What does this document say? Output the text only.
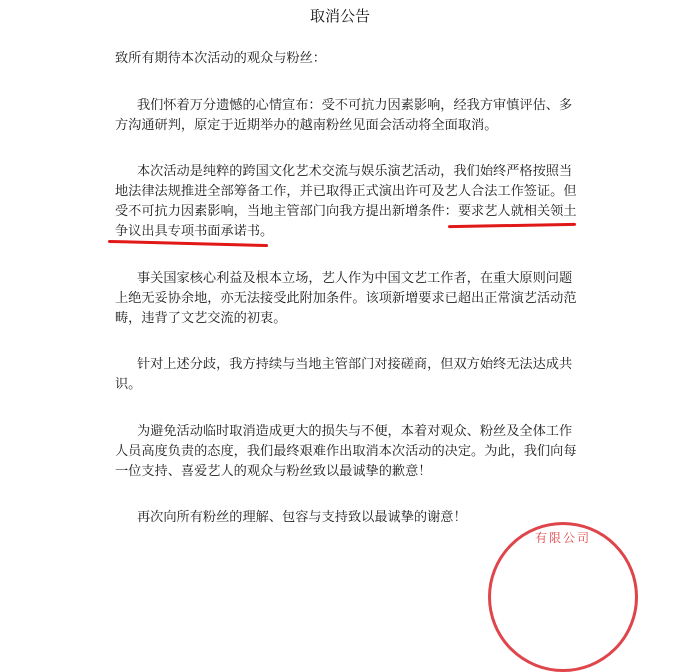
取消公告
致所有期待本次活动的观众与粉丝：
我们怀着万分遗憾的心情宣布：受不可抗力因素影响，经我方审慎评估、多
方沟通研判，原定于近期举办的越南粉丝见面会活动将全面取消。
本次活动是纯粹的跨国文化艺术交流与娱乐演艺活动，我们始终严格按照当
地法律法规推进全部筹备工作，并已取得正式演出许可及艺人合法工作签证。但
受不可抗力因素影响，当地主管部门向我方提出新增条件：要求艺人就相关领土
争议出具专项书面承诺书。
事关国家核心利益及根本立场，艺人作为中国文艺工作者，在重大原则问题
上绝无妥协余地，亦无法接受此附加条件。该项新增要求已超出正常演艺活动范
畴，违背了文艺交流的初衷。
针对上述分歧，我方持续与当地主管部门对接磋商，但双方始终无法达成共
识。
为避免活动临时取消造成更大的损失与不便，本着对观众、粉丝及全体工作
人员高度负责的态度，我们最终艰难作出取消本次活动的决定。为此，我们向每
一位支持、喜爱艺人的观众与粉丝致以最诚挚的歉意！
再次向所有粉丝的理解、包容与支持致以最诚挚的谢意！
有限公司
